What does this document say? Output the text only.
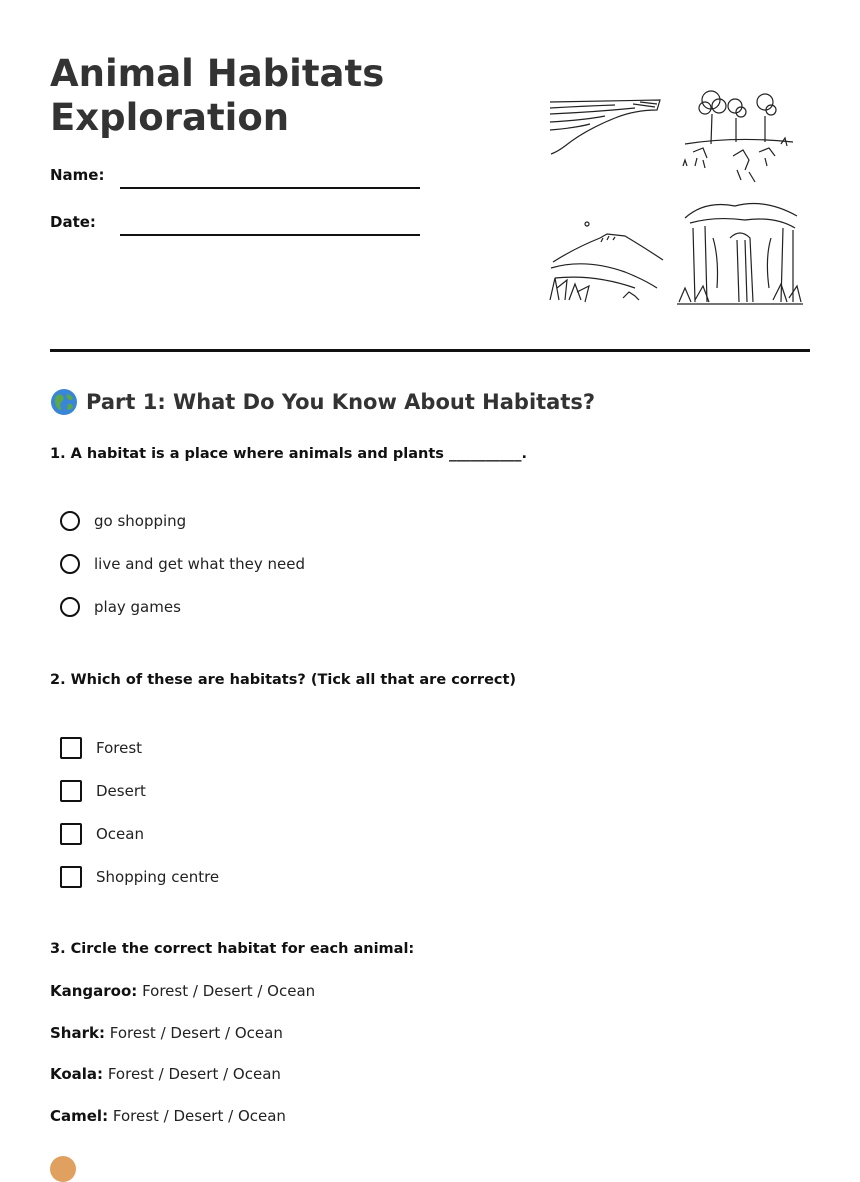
Animal Habitats Exploration
Name:
Date:
Part 1: What Do You Know About Habitats?
1. A habitat is a place where animals and plants __________.
go shopping
live and get what they need
play games
2. Which of these are habitats? (Tick all that are correct)
Forest
Desert
Ocean
Shopping centre
3. Circle the correct habitat for each animal:
Kangaroo: Forest / Desert / Ocean
Shark: Forest / Desert / Ocean
Koala: Forest / Desert / Ocean
Camel: Forest / Desert / Ocean
